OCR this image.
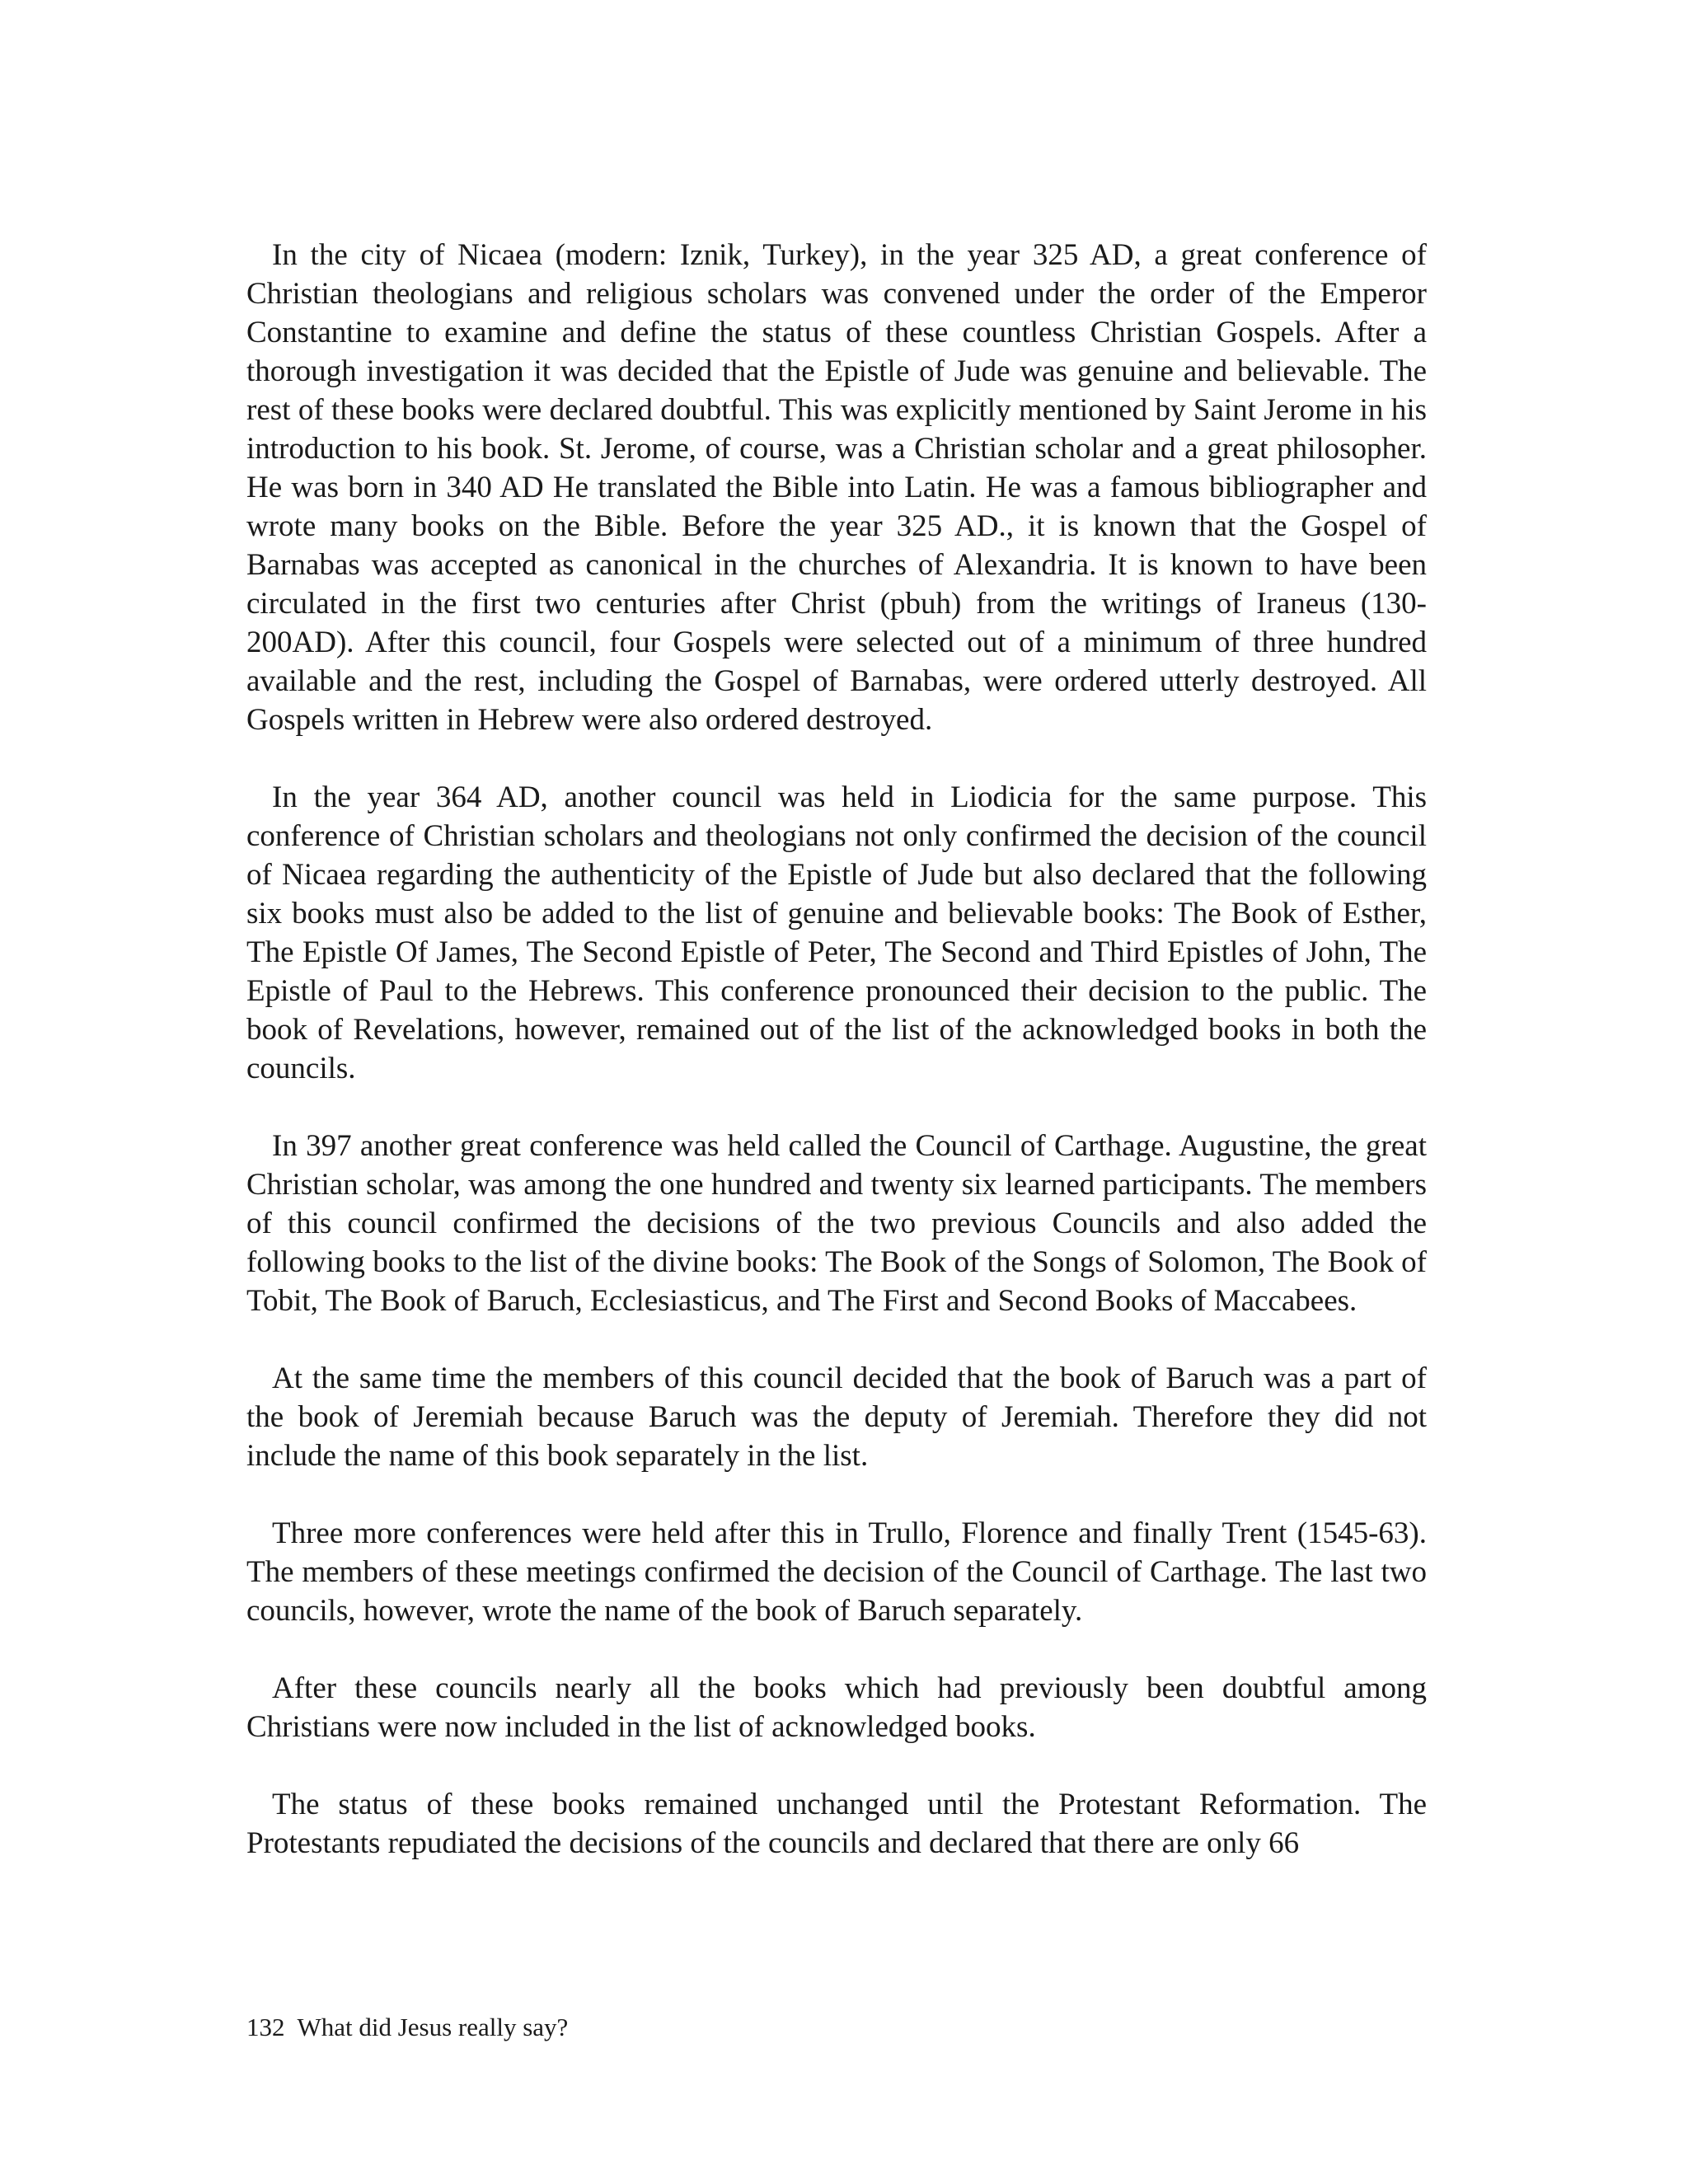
In the city of Nicaea (modern: Iznik, Turkey), in the year 325 AD, a great conference of Christian theologians and religious scholars was convened under the order of the Emperor Constantine to examine and define the status of these countless Christian Gospels. After a thorough investigation it was decided that the Epistle of Jude was genuine and believable. The rest of these books were declared doubtful. This was explicitly mentioned by Saint Jerome in his introduction to his book. St. Jerome, of course, was a Christian scholar and a great philosopher. He was born in 340 AD He translated the Bible into Latin. He was a famous bibliographer and wrote many books on the Bible. Before the year 325 AD., it is known that the Gospel of Barnabas was accepted as canonical in the churches of Alexandria. It is known to have been circulated in the first two centuries after Christ (pbuh) from the writings of Iraneus (130-200AD). After this council, four Gospels were selected out of a minimum of three hundred available and the rest, including the Gospel of Barnabas, were ordered utterly destroyed. All Gospels written in Hebrew were also ordered destroyed.

In the year 364 AD, another council was held in Liodicia for the same purpose. This conference of Christian scholars and theologians not only confirmed the decision of the council of Nicaea regarding the authenticity of the Epistle of Jude but also declared that the following six books must also be added to the list of genuine and believable books: The Book of Esther, The Epistle Of James, The Second Epistle of Peter, The Second and Third Epistles of John, The Epistle of Paul to the Hebrews. This conference pronounced their decision to the public. The book of Revelations, however, remained out of the list of the acknowledged books in both the councils.

In 397 another great conference was held called the Council of Carthage. Augustine, the great Christian scholar, was among the one hundred and twenty six learned participants. The members of this council confirmed the decisions of the two previous Councils and also added the following books to the list of the divine books: The Book of the Songs of Solomon, The Book of Tobit, The Book of Baruch, Ecclesiasticus, and The First and Second Books of Maccabees.

At the same time the members of this council decided that the book of Baruch was a part of the book of Jeremiah because Baruch was the deputy of Jeremiah. Therefore they did not include the name of this book separately in the list.

Three more conferences were held after this in Trullo, Florence and finally Trent (1545-63). The members of these meetings confirmed the decision of the Council of Carthage. The last two councils, however, wrote the name of the book of Baruch separately.

After these councils nearly all the books which had previously been doubtful among Christians were now included in the list of acknowledged books.

The status of these books remained unchanged until the Protestant Reformation. The Protestants repudiated the decisions of the councils and declared that there are only 66

132 What did Jesus really say?
